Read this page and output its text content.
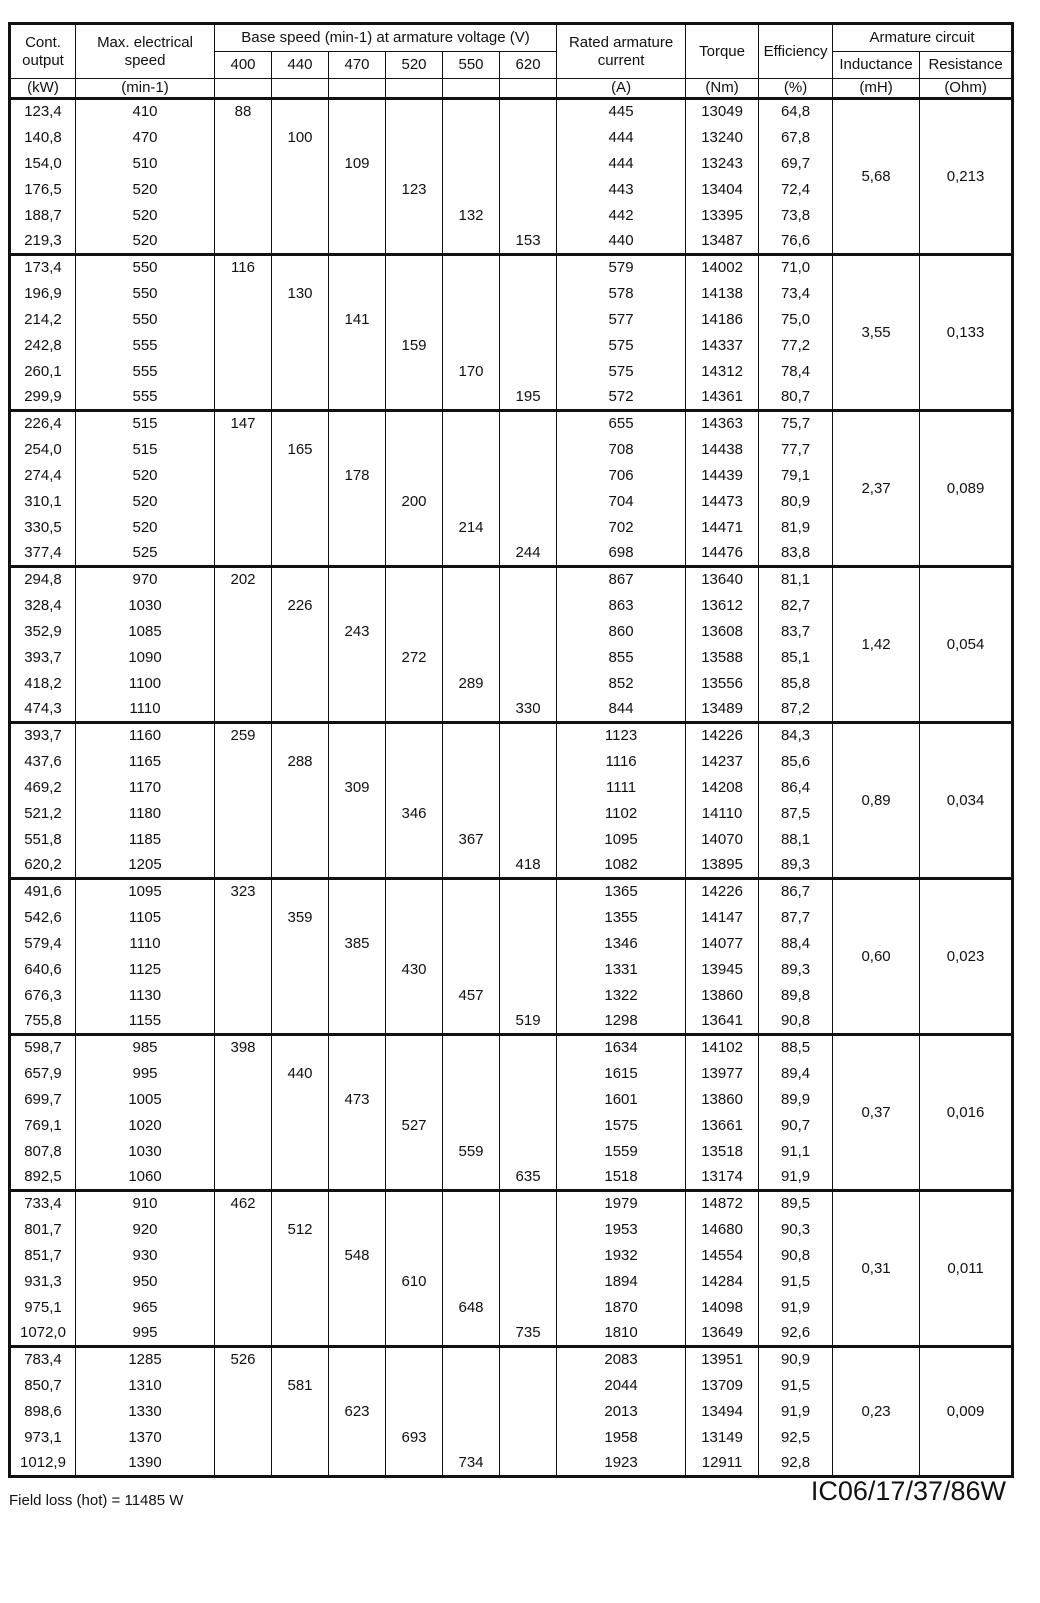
Cont. output	Max. electrical speed	Base speed (min-1) at armature voltage (V)						Rated armature current	Torque	Efficiency	Armature circuit	
		400	440	470	520	550	620				Inductance	Resistance
(kW)	(min-1)							(A)	(Nm)	(%)	(mH)	(Ohm)
123,4	410	88						445	13049	64,8	5,68	0,213
140,8	470		100					444	13240	67,8		
154,0	510			109				444	13243	69,7		
176,5	520				123			443	13404	72,4		
188,7	520					132		442	13395	73,8		
219,3	520						153	440	13487	76,6		
173,4	550	116						579	14002	71,0	3,55	0,133
196,9	550		130					578	14138	73,4		
214,2	550			141				577	14186	75,0		
242,8	555				159			575	14337	77,2		
260,1	555					170		575	14312	78,4		
299,9	555						195	572	14361	80,7		
226,4	515	147						655	14363	75,7	2,37	0,089
254,0	515		165					708	14438	77,7		
274,4	520			178				706	14439	79,1		
310,1	520				200			704	14473	80,9		
330,5	520					214		702	14471	81,9		
377,4	525						244	698	14476	83,8		
294,8	970	202						867	13640	81,1	1,42	0,054
328,4	1030		226					863	13612	82,7		
352,9	1085			243				860	13608	83,7		
393,7	1090				272			855	13588	85,1		
418,2	1100					289		852	13556	85,8		
474,3	1110						330	844	13489	87,2		
393,7	1160	259						1123	14226	84,3	0,89	0,034
437,6	1165		288					1116	14237	85,6		
469,2	1170			309				1111	14208	86,4		
521,2	1180				346			1102	14110	87,5		
551,8	1185					367		1095	14070	88,1		
620,2	1205						418	1082	13895	89,3		
491,6	1095	323						1365	14226	86,7	0,60	0,023
542,6	1105		359					1355	14147	87,7		
579,4	1110			385				1346	14077	88,4		
640,6	1125				430			1331	13945	89,3		
676,3	1130					457		1322	13860	89,8		
755,8	1155						519	1298	13641	90,8		
598,7	985	398						1634	14102	88,5	0,37	0,016
657,9	995		440					1615	13977	89,4		
699,7	1005			473				1601	13860	89,9		
769,1	1020				527			1575	13661	90,7		
807,8	1030					559		1559	13518	91,1		
892,5	1060						635	1518	13174	91,9		
733,4	910	462						1979	14872	89,5	0,31	0,011
801,7	920		512					1953	14680	90,3		
851,7	930			548				1932	14554	90,8		
931,3	950				610			1894	14284	91,5		
975,1	965					648		1870	14098	91,9		
1072,0	995						735	1810	13649	92,6		
783,4	1285	526						2083	13951	90,9	0,23	0,009
850,7	1310		581					2044	13709	91,5		
898,6	1330			623				2013	13494	91,9		
973,1	1370				693			1958	13149	92,5		
1012,9	1390					734		1923	12911	92,8		
Field loss (hot) = 11485 W	IC06/17/37/86W
